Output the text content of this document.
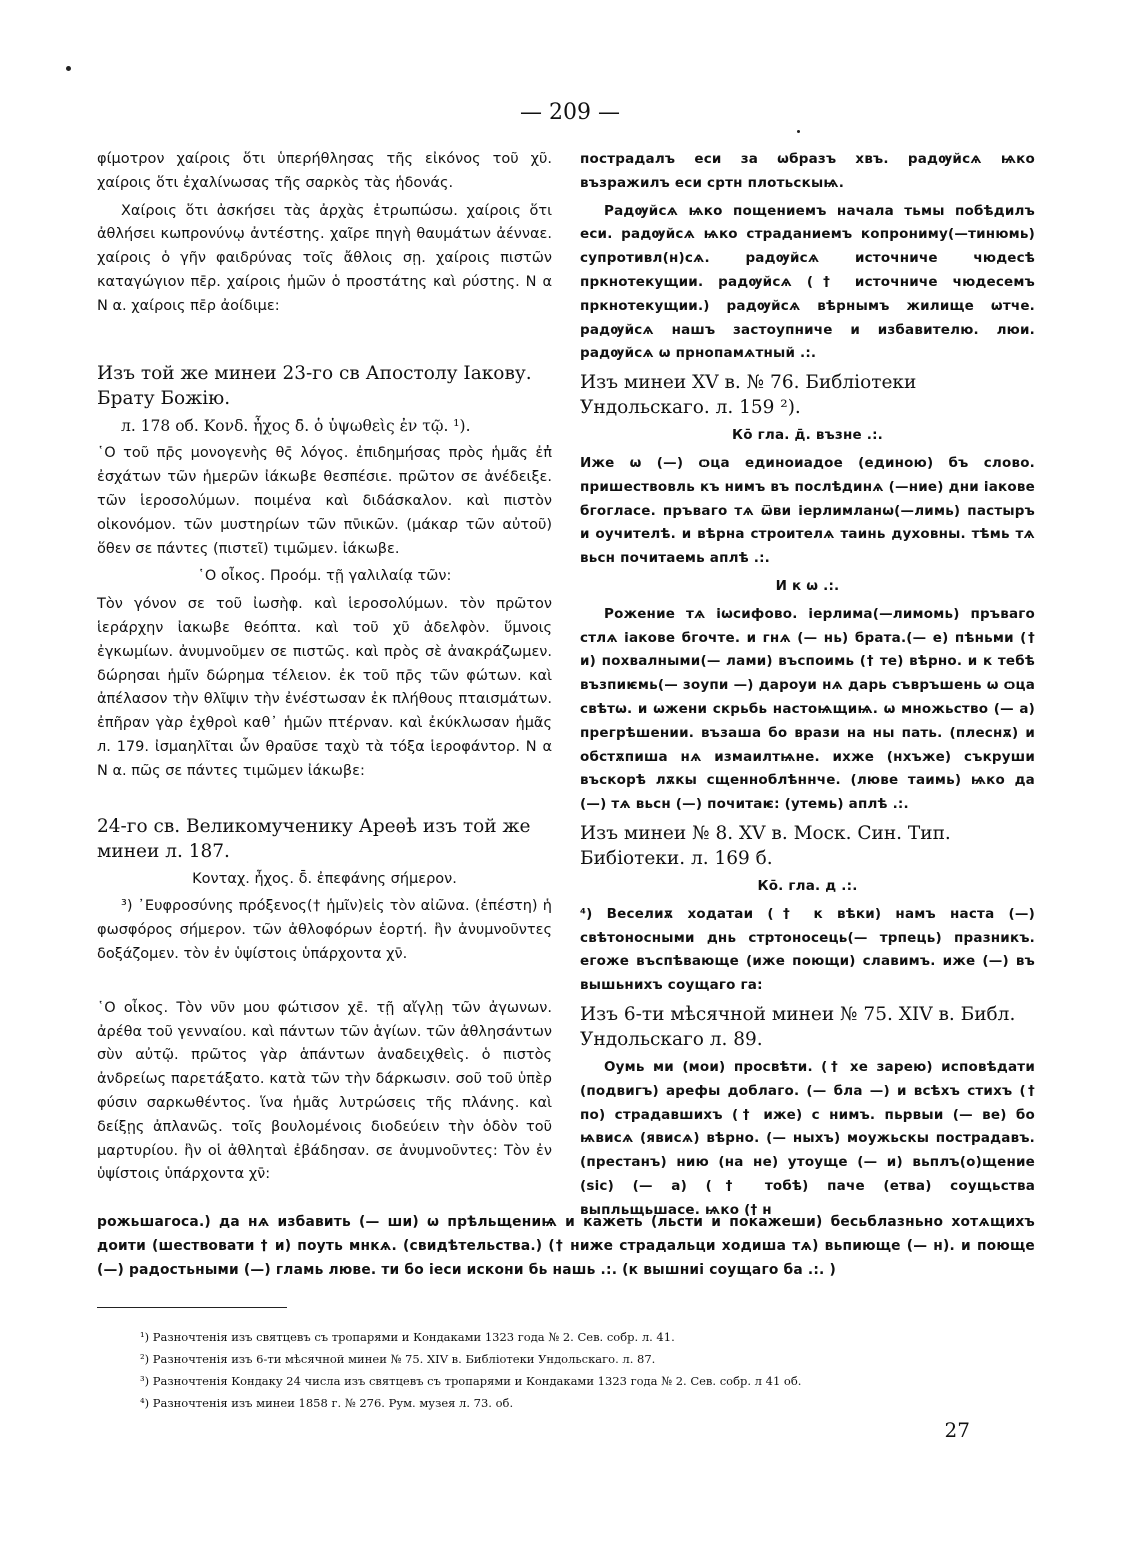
— 209 —

φίμοτρον χαίροις ὅτι ὑπερήθλησας τῆς εἰκόνος τοῦ χῦ. χαίροις ὅτι ἐχαλίνωσας τῆς σαρκὸς τὰς ἡδονάς.

Χαίροις ὅτι ἀσκήσει τὰς ἀρχὰς ἐτρωπώσω. χαίροις ὅτι ἀθλήσει κωπρονύνῳ ἀντέστης. χαῖρε πηγὴ θαυμάτων ἀένναε. χαίροις ὁ γῆν φαιδρύνας τοῖς ἄθλοις σῃ. χαίροις πιστῶν καταγώγιον πε̄ρ. χαίροις ἡμῶν ὁ προστάτης καὶ ρύστης. Ν α Ν α. χαίροις πε̄ρ ἀοίδιμε:

Изъ той же минеи 23-го св Апостолу Іакову. Брату Божію.

л. 178 об. Κονδ. ἦχος δ̄. ὁ ὑψωθεὶς ἐν τῷ. ¹).

῾Ο τοῦ πρ̄ς μονογενὴς θς̄ λόγος. ἐπιδημήσας πρὸς ἡμᾶς ἐπ̓ ἐσχάτων τῶν ἡμερῶν ἰάκωβε θεσπέσιε. πρῶτον σε ἀνέδειξε. τῶν ἱεροσολύμων. ποιμένα καὶ διδάσκαλον. καὶ πιστὸν οἰκονόμον. τῶν μυστηρίων τῶν πν̄ικῶν. (μάκαρ τῶν αὐτοῦ) ὅθεν σε πάντες (πιστεῖ) τιμῶμεν. ἰάκωβε.

῾Ο οἶκος. Προόμ. τῇ γαλιλαίᾳ τῶν:

Τὸν γόνον σε τοῦ ἰωσὴφ. καὶ ἱεροσολύμων. τὸν πρῶτον ἱεράρχην ἰακωβε θεόπτα. καὶ τοῦ χῦ ἀδελφὸν. ὕμνοις ἐγκωμίων. ἀνυμνοῦμεν σε πιστῶς. καὶ πρὸς σὲ ἀνακράζωμεν. δώρησαι ἡμῖν δώρημα τέλειον. ἐκ τοῦ πρ̄ς τῶν φώτων. καὶ ἀπέλασον τὴν θλῖψιν τὴν ἐνέστωσαν ἐκ πλήθους πταισμάτων. ἐπῆραν γὰρ ἐχθροὶ καθ᾽ ἡμῶν πτέρναν. καὶ ἐκύκλωσαν ἡμᾶς л. 179. ἰσμαηλῖται ὧν θραῦσε ταχὺ τὰ τόξα ἱεροφάντορ. Ν α Ν α. πῶς σε πάντες τιμῶμεν ἰάκωβε:

24-го св. Великомученику Ареѳѣ изъ той же минеи л. 187.

Κονταχ. ἦχος. δ̄. ἐπεφάνης σήμερον.

³) ᾿Ευφροσύνης πρόξενος(† ἡμῖν)εἰς τὸν αἰῶνα. (ἐπέστη) ἡ φωσφόρος σήμερον. τῶν ἀθλοφόρων ἑορτή. ἣν ἀνυμνοῦντες δοξάζομεν. τὸν ἐν ὑψίστοις ὑπάρχοντα χν̄.

῾Ο οἶκος. Τὸν νῦν μου φώτισον χε̄. τῇ αἴγλῃ τῶν ἀγωνων. ἀρέθα τοῦ γενναίου. καὶ πάντων τῶν ἁγίων. τῶν ἀθλησάντων σὺν αὐτῷ. πρῶτος γὰρ ἁπάντων ἀναδειχθεὶς. ὁ πιστὸς ἀνδρείως παρετάξατο. κατὰ τῶν τὴν δάρκωσιν. σοῦ τοῦ ὑπὲρ φύσιν σαρκωθέντος. ἵνα ἡμᾶς λυτρώσεις τῆς πλάνης. καὶ δείξῃς ἀπλανῶς. τοῖς βουλομένοις διοδεύειν τὴν ὁδὸν τοῦ μαρτυρίου. ἣν οἱ ἀθληταὶ ἐβάδησαν. σε ἀνυμνοῦντες: Τὸν ἐν ὑψίστοις ὑπάρχοντα χν̄:

пострадалъ еси за ѡбразъ хвъ. радѹйсѧ ѩко възражилъ еси сртн плотьскыѩ.

Радѹйсѧ ѩко пощениемъ начала тьмы побѣдилъ еси. радѹйсѧ ѩко страданиемъ копрониму(—тинюмь) супротивл(н)сѧ. радѹйсѧ источниче чюдесѣ пркнотекущии. радѹйсѧ († источниче чюдесемъ пркнотекущии.) радѹйсѧ вѣрнымъ жилище ѡтче. радѹйсѧ нашъ застоупниче и избавителю. люи. радѹйсѧ ѡ прнопамѧтный .:.

Изъ минеи XV в. № 76. Библіотеки Ундольскаго. л. 159 ²).

Ко̄ гла. д̄. възне .:.

Иже ѡ (—) ѻца единоиадое (единою) бъ слово. пришествовль къ нимъ въ послѣдинѧ (—ние) дни іакове бгогласе. пръваго тѧ ѿви іерлимланѡ(—лимь) пастыръ и оучителѣ. и вѣрна строителѧ таинь духовны. тѣмь тѧ вьсн почитаемь аплѣ .:.

И к ѡ .:.

Рожение тѧ іѡсифово. іерлима(—лимомь) пръваго стлѧ іакове бгочте. и гнѧ (— нь) брата.(— е) пѣньми († и) похвалными(— лами) въспоимь († те) вѣрно. и к тебѣ възпиѥмь(— зоупи —) дароуи нѧ дарь съвръшень ѡ ѻца свѣтѡ. и ѡжени скрьбь настоѩщиѩ. ѡ множьство (— а) прегрѣшении. възаша бо врази на ны пать. (плеснѫ) и обстѫпиша нѧ измаилтѩне. ихже (нхъже) съкруши въскорѣ лѫкы сщенноблѣннче. (люве таимь) ѩко да (—) тѧ вьсн (—) почитаѥ: (утемь) аплѣ .:.

Изъ минеи № 8. XV в. Моск. Син. Тип. Бибіотеки. л. 169 б.

Ко̄. гла. д .:.

⁴) Веселиѫ ходатаи († к вѣки) намъ наста (—) свѣтоносными днь стртоносець(— трпець) празникъ. егоже въспѣвающе (иже поющи) славимъ. иже (—) въ вышьнихъ соущаго га:

Изъ 6-ти мѣсячной минеи № 75. XIV в. Библ. Ундольскаго л. 89.

Оумь ми (мои) просвѣти. († хе зарею) исповѣдати (подвигъ) арефы доблаго. (— бла —) и всѣхъ стихъ († по) страдавшихъ († иже) с нимъ. пьрвыи (— ве) бо ѩвисѧ (явисѧ) вѣрно. (— ныхъ) моужьскы пострадавъ. (престанъ) нию (на не) утоуще (— и) вьплъ(о)щение (sic) (— а) († тобѣ) паче (етва) соущьства выпльщьшасе. ѩко († н

рожьшагоса.) да нѧ избавить (— ши) ѡ прѣльщениѩ и кажеть (льсти и покажеши) бесьблазньно хотѧщихъ доити (шествовати † и) поуть мнкѧ. (свидѣтельства.) († ниже страдальци ходиша тѧ) вьпиюще (— н). и поюще (—) радостьными (—) гламь люве. ти бо іеси искони бь нашь .:. (к вышниі соущаго ба .:. )
¹) Разночтенія изъ святцевъ съ тропарями и Кондаками 1323 года № 2. Сев. собр. л. 41.
²) Разночтенія изъ 6-ти мѣсячной минеи № 75. XIV в. Библіотеки Ундольскаго. л. 87.
³) Разночтенія Кондаку 24 числа изъ святцевъ съ тропарями и Кондаками 1323 года № 2. Сев. собр. л 41 об.
⁴) Разночтенія изъ минеи 1858 г. № 276. Рум. музея л. 73. об.
27
